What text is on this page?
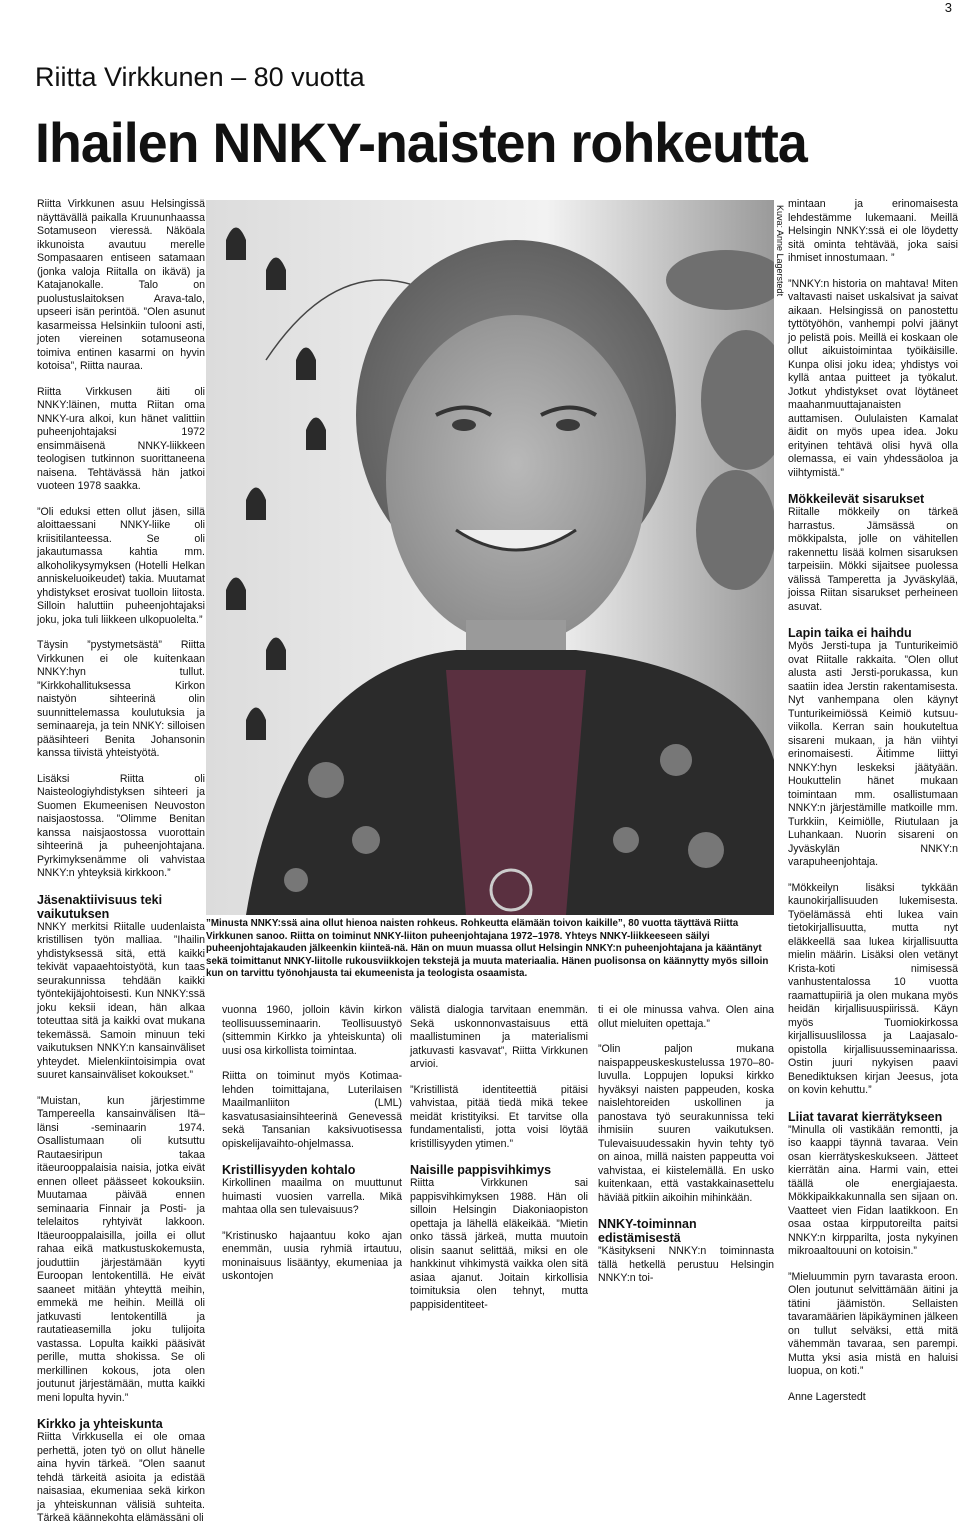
3
Riitta Virkkunen – 80 vuotta
Ihailen NNKY-naisten rohkeutta

Riitta Virkkunen asuu Helsingissä näyttävällä paikalla Kruununhaassa Sotamuseon vieressä. Näköala ikkunoista avautuu merelle Sompasaaren entiseen satamaan (jonka valoja Riitalla on ikävä) ja Katajanokalle. Talo on puolustuslaitoksen Arava-talo, upseeri isän perintöä. ”Olen asunut kasarmeissa Helsinkiin tulooni asti, joten viereinen sotamuseona toimiva entinen kasarmi on hyvin kotoisa”, Riitta nauraa.

Riitta Virkkusen äiti oli NNKY:läinen, mutta Riitan oma NNKY-ura alkoi, kun hänet valittiin puheenjohtajaksi 1972 ensimmäisenä NNKY-liikkeen teologisen tutkinnon suorittaneena naisena. Tehtävässä hän jatkoi vuoteen 1978 saakka.

”Oli eduksi etten ollut jäsen, sillä aloittaessani NNKY-liike oli kriisitilanteessa. Se oli jakautumassa kahtia mm. alkoholikysymyksen (Hotelli Helkan anniskeluoikeudet) takia. Muutamat yhdistykset erosivat tuolloin liitosta. Silloin haluttiin puheenjohtajaksi joku, joka tuli liikkeen ulkopuolelta.”

Täysin ”pystymetsästä” Riitta Virkkunen ei ole kuitenkaan NNKY:hyn tullut. ”Kirkkohallituksessa Kirkon naistyön sihteerinä olin suunnittelemassa koulutuksia ja seminaareja, ja tein NNKY: silloisen pääsihteeri Benita Johansonin kanssa tiivistä yhteistyötä.

Lisäksi Riitta oli Naisteologiyhdistyksen sihteeri ja Suomen Ekumeenisen Neuvoston naisjaostossa. ”Olimme Benitan kanssa naisjaostossa vuorottain sihteerinä ja puheenjohtajana. Pyrkimyksenämme oli vahvistaa NNKY:n yhteyksiä kirkkoon.”

Jäsenaktiivisuus teki vaikutuksen

NNKY merkitsi Riitalle uudenlaista kristillisen työn malliaa. ”Ihailin yhdistyksessä sitä, että kaikki tekivät vapaaehtoistyötä, kun taas seurakunnissa tehdään kaikki työntekijäjohtoisesti. Kun NNKY:ssä joku keksii idean, hän alkaa toteuttaa sitä ja kaikki ovat mukana tekemässä. Samoin minuun teki vaikutuksen NNKY:n kansainväliset yhteydet. Mielenkiintoisimpia ovat suuret kansainväliset kokoukset.”

”Muistan, kun järjestimme Tampereella kansainvälisen Itä–länsi -seminaarin 1974. Osallistumaan oli kutsuttu Rautaesiripun takaa itäeurooppalaisia naisia, jotka eivät ennen olleet päässeet kokouksiin. Muutamaa päivää ennen seminaaria Finnair ja Posti- ja telelaitos ryhtyivät lakkoon. Itäeurooppalaisilla, joilla ei ollut rahaa eikä matkustuskokemusta, jouduttiin järjestämään kyyti Euroopan lentokentillä. He eivät saaneet mitään yhteyttä meihin, emmekä me heihin. Meillä oli jatkuvasti lentokentillä ja rautatieasemilla joku tulijoita vastassa. Lopulta kaikki pääsivät perille, mutta shokissa. Se oli merkillinen kokous, jota olen joutunut järjestämään, mutta kaikki meni lopulta hyvin.”

Kirkko ja yhteiskunta

Riitta Virkkusella ei ole omaa perhettä, joten työ on ollut hänelle aina hyvin tärkeä. ”Olen saanut tehdä tärkeitä asioita ja edistää naisasiaa, ekumeniaa sekä kirkon ja yhteiskunnan välisiä suhteita. Tärkeä käännekohta elämässäni oli

Kuva: Anne Lagerstedt
”Minusta NNKY:ssä aina ollut hienoa naisten rohkeus. Rohkeutta elämään toivon kaikille”, 80 vuotta täyttävä Riitta Virkkunen sanoo. Riitta on toiminut NNKY-liiton puheenjohtajana 1972–1978. Yhteys NNKY-liikkeeseen säilyi puheenjohtajakauden jälkeenkin kiinteä-nä. Hän on muun muassa ollut Helsingin NNKY:n puheenjohtajana ja kääntänyt sekä toimittanut NNKY-liitolle rukousviikkojen tekstejä ja muuta materiaalia. Hänen puolisonsa on käännytty myös silloin kun on tarvittu työnohjausta tai ekumeenista ja teologista osaamista.

vuonna 1960, jolloin kävin kirkon teollisuusseminaarin. Teollisuustyö (sittemmin Kirkko ja yhteiskunta) oli uusi osa kirkollista toimintaa.

Riitta on toiminut myös Kotimaa-lehden toimittajana, Luterilaisen Maailmanliiton (LML) kasvatusasiainsihteerinä Genevessä sekä Tansanian kaksivuotisessa opiskelijavaihto-ohjelmassa.

Kristillisyyden kohtalo

Kirkollinen maailma on muuttunut huimasti vuosien varrella. Mikä mahtaa olla sen tulevaisuus?

”Kristinusko hajaantuu koko ajan enemmän, uusia ryhmiä irtautuu, moninaisuus lisääntyy, ekumeniaa ja uskontojen

välistä dialogia tarvitaan enemmän. Sekä uskonnonvastaisuus että maallistuminen ja materialismi jatkuvasti kasvavat”, Riitta Virkkunen arvioi.

”Kristillistä identiteettiä pitäisi vahvistaa, pitää tiedä mikä tekee meidät kristityiksi. Et tarvitse olla fundamentalisti, jotta voisi löytää kristillisyyden ytimen.”

Naisille pappisvihkimys

Riitta Virkkunen sai pappisvihkimyksen 1988. Hän oli silloin Helsingin Diakoniaopiston opettaja ja lähellä eläkeikää. ”Mietin onko tässä järkeä, mutta muutoin olisin saanut selittää, miksi en ole hankkinut vihkimystä vaikka olen sitä asiaa ajanut. Joitain kirkollisia toimituksia olen tehnyt, mutta pappisidentiteet-

ti ei ole minussa vahva. Olen aina ollut mieluiten opettaja.”

”Olin paljon mukana naispappeuskeskustelussa 1970–80-luvulla. Loppujen lopuksi kirkko hyväksyi naisten pappeuden, koska naislehtoreiden uskollinen ja panostava työ seurakunnissa teki ihmisiin suuren vaikutuksen. Tulevaisuudessakin hyvin tehty työ on ainoa, millä naisten pappeutta voi vahvistaa, ei kiistelemällä. En usko kuitenkaan, että vastakkainasettelu häviää pitkiin aikoihin mihinkään.

NNKY-toiminnan edistämisestä

”Käsitykseni NNKY:n toiminnasta tällä hetkellä perustuu Helsingin NNKY:n toi-

mintaan ja erinomaisesta lehdestämme lukemaani. Meillä Helsingin NNKY:ssä ei ole löydetty sitä ominta tehtävää, joka saisi ihmiset innostumaan. ”

”NNKY:n historia on mahtava! Miten valtavasti naiset uskalsivat ja saivat aikaan. Helsingissä on panostettu tyttötyöhön, vanhempi polvi jäänyt jo pelistä pois. Meillä ei koskaan ole ollut aikuistoimintaa työikäisille. Kunpa olisi joku idea; yhdistys voi kyllä antaa puitteet ja työkalut. Jotkut yhdistykset ovat löytäneet maahanmuuttajanaisten auttamisen. Oululaisten Kamalat äidit on myös upea idea. Joku erityinen tehtävä olisi hyvä olla olemassa, ei vain yhdessäoloa ja viihtymistä.”

Mökkeilevät sisarukset

Riitalle mökkeily on tärkeä harrastus. Jämsässä on mökkipalsta, jolle on vähitellen rakennettu lisää kolmen sisaruksen tarpeisiin. Mökki sijaitsee puolessa välissä Tamperetta ja Jyväskylää, joissa Riitan sisarukset perheineen asuvat.

Lapin taika ei haihdu

Myös Jersti-tupa ja Tunturikeimiö ovat Riitalle rakkaita. ”Olen ollut alusta asti Jersti-porukassa, kun saatiin idea Jerstin rakentamisesta. Nyt vanhempana olen käynyt Tunturikeimiössä Keimiö kutsuu-viikolla. Kerran sain houkuteltua sisareni mukaan, ja hän viihtyi erinomaisesti. Äitimme liittyi NNKY:hyn leskeksi jäätyään. Houkuttelin hänet mukaan toimintaan mm. osallistumaan NNKY:n järjestämille matkoille mm. Turkkiin, Keimiölle, Riutulaan ja Luhankaan. Nuorin sisareni on Jyväskylän NNKY:n varapuheenjohtaja.

”Mökkeilyn lisäksi tykkään kaunokirjallisuuden lukemisesta. Työelämässä ehti lukea vain tietokirjallisuutta, mutta nyt eläkkeellä saa lukea kirjallisuutta mielin määrin. Lisäksi olen vetänyt Krista-koti nimisessä vanhustentalossa 10 vuotta raamattupiiriä ja olen mukana myös heidän kirjallisuuspiirissä. Käyn myös Tuomiokirkossa kirjallisuuslilossa ja Laajasalo-opistolla kirjallisuusseminaarissa. Ostin juuri nykyisen paavi Benediktuksen kirjan Jeesus, jota on kovin kehuttu.”

Liiat tavarat kierrätykseen

”Minulla oli vastikään remontti, ja iso kaappi täynnä tavaraa. Vein osan kierrätyskeskukseen. Jätteet kierrätän aina. Harmi vain, ettei täällä ole energiajaesta. Mökkipaikkakunnalla sen sijaan on. Vaatteet vien Fidan laatikkoon. En osaa ostaa kirpputoreilta paitsi NNKY:n kirpparilta, josta nykyinen mikroaaltouuni on kotoisin.”

”Mieluummin pyrn tavarasta eroon. Olen joutunut selvittämään äitini ja tätini jäämistön. Sellaisten tavaramäärien läpikäyminen jälkeen on tullut selväksi, että mitä vähemmän tavaraa, sen parempi. Mutta yksi asia mistä en haluisi luopua, on koti.”

Anne Lagerstedt
